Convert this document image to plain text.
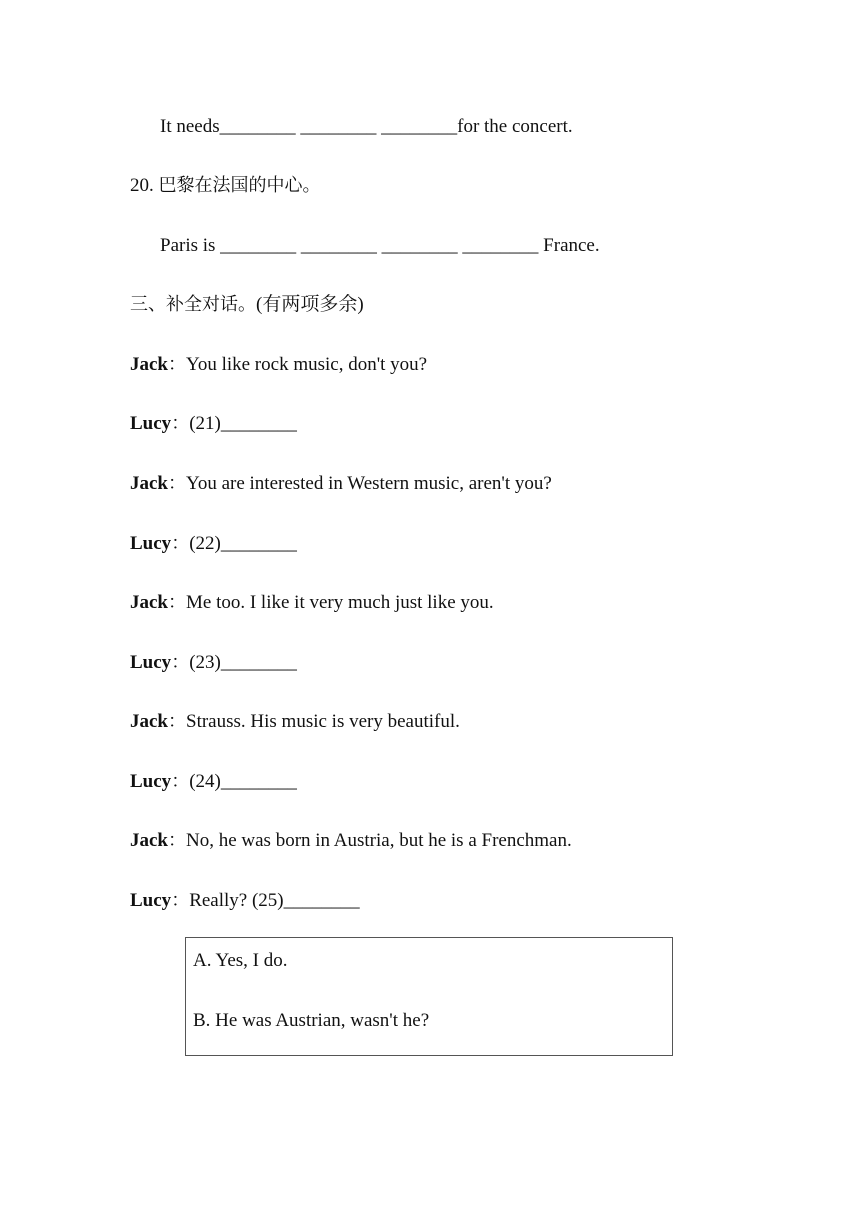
It needs________ ________ ________for the concert.
20. 巴黎在法国的中心。
Paris is ________ ________ ________ ________ France.
三、补全对话。(有两项多余)
Jack：You like rock music, don't you?
Lucy：(21)________
Jack：You are interested in Western music, aren't you?
Lucy：(22)________
Jack：Me too. I like it very much just like you.
Lucy：(23)________
Jack：Strauss. His music is very beautiful.
Lucy：(24)________
Jack：No, he was born in Austria, but he is a Frenchman.
Lucy：Really? (25)________
A. Yes, I do.
B. He was Austrian, wasn't he?
